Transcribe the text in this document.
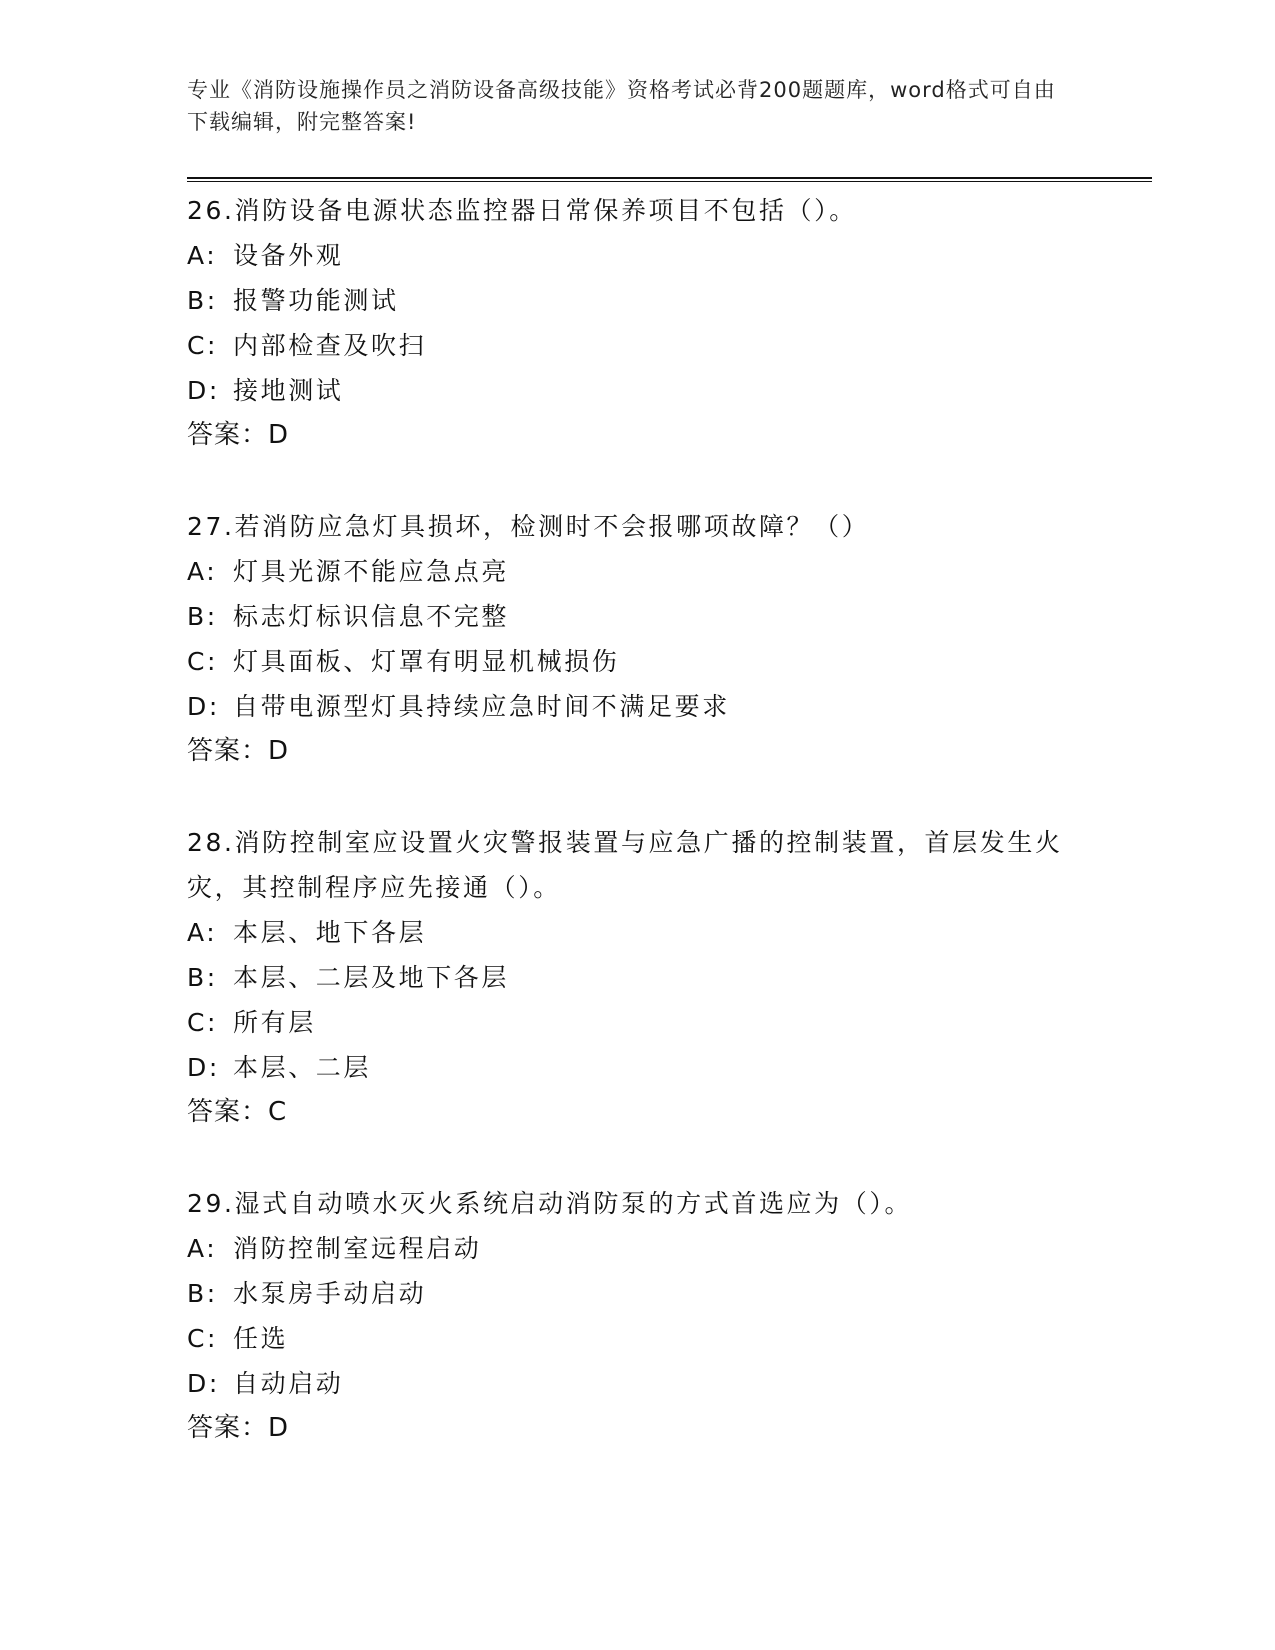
专业《消防设施操作员之消防设备高级技能》资格考试必背200题题库，word格式可自由下载编辑，附完整答案!

26.消防设备电源状态监控器日常保养项目不包括（）。

A: 设备外观

B: 报警功能测试

C: 内部检查及吹扫

D: 接地测试

答案：D

27.若消防应急灯具损坏，检测时不会报哪项故障？（）

A: 灯具光源不能应急点亮

B: 标志灯标识信息不完整

C: 灯具面板、灯罩有明显机械损伤

D: 自带电源型灯具持续应急时间不满足要求

答案：D

28.消防控制室应设置火灾警报装置与应急广播的控制装置，首层发生火灾，其控制程序应先接通（）。

A: 本层、地下各层

B: 本层、二层及地下各层

C: 所有层

D: 本层、二层

答案：C

29.湿式自动喷水灭火系统启动消防泵的方式首选应为（）。

A: 消防控制室远程启动

B: 水泵房手动启动

C: 任选

D: 自动启动

答案：D
